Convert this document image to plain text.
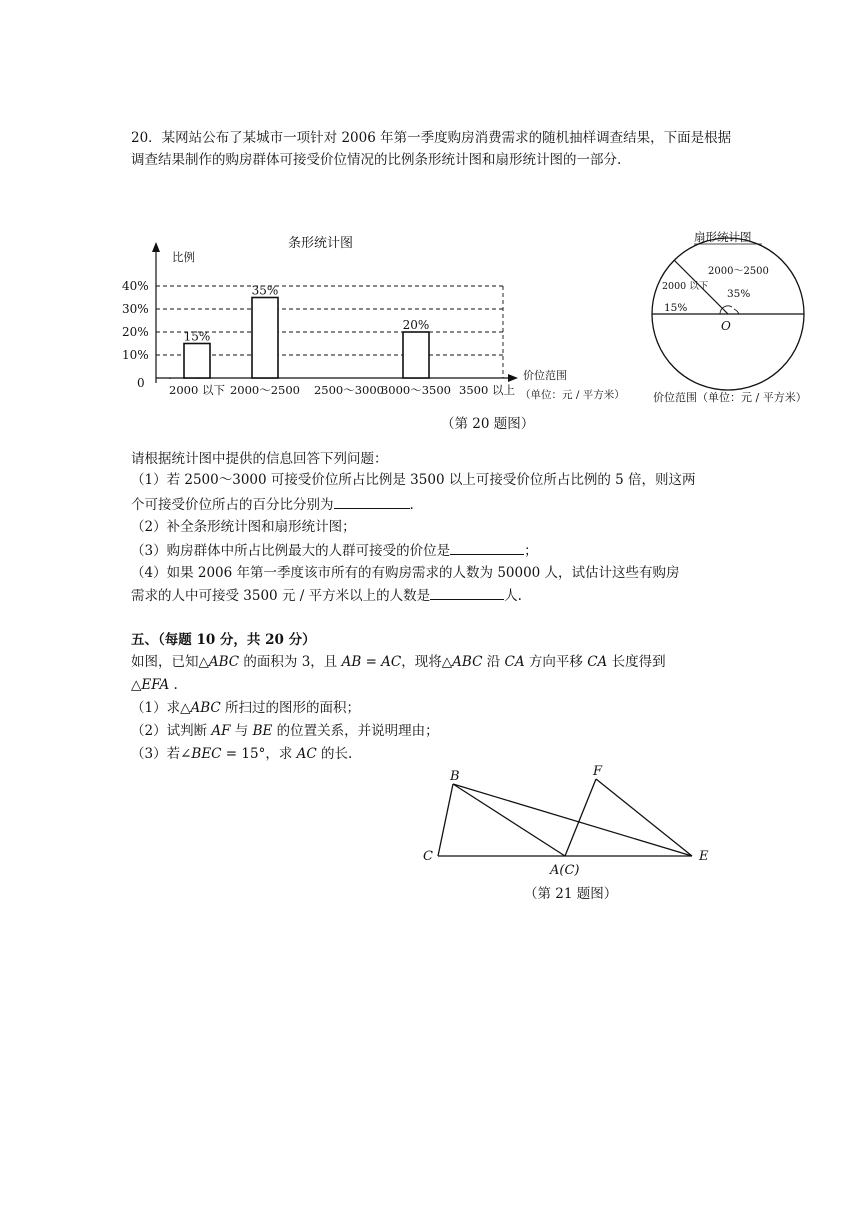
20．某网站公布了某城市一项针对 2006 年第一季度购房消费需求的随机抽样调查结果，下面是根据调查结果制作的购房群体可接受价位情况的比例条形统计图和扇形统计图的一部分.
条形统计图
比例
0
10%
20%
30%
40%
15%
35%
20%
2000 以下 2000～2500 2500～3000
3000～3500 3500 以上
价位范围
（单位：元 / 平方米）
扇形统计图
2000～2500
2000 以下
35%
15%
O
价位范围（单位：元 / 平方米）
（第 20 题图）
请根据统计图中提供的信息回答下列问题：
（1）若 2500～3000 可接受价位所占比例是 3500 以上可接受价位所占比例的 5 倍，则这两
个可接受价位所占的百分比分别为	.
（2）补全条形统计图和扇形统计图；
（3）购房群体中所占比例最大的人群可接受的价位是	；
（4）如果 2006 年第一季度该市所有的有购房需求的人数为 50000 人，试估计这些有购房
需求的人中可接受 3500 元 / 平方米以上的人数是	人.
五、（每题 10 分，共 20 分）
如图，已知△ABC 的面积为 3，且 AB = AC，现将△ABC 沿 CA 方向平移 CA 长度得到
△EFA .
（1）求△ABC 所扫过的图形的面积；
（2）试判断 AF 与 BE 的位置关系，并说明理由；
（3）若∠BEC = 15°，求 AC 的长.
B
C
A(C)
F
E
（第 21 题图）
